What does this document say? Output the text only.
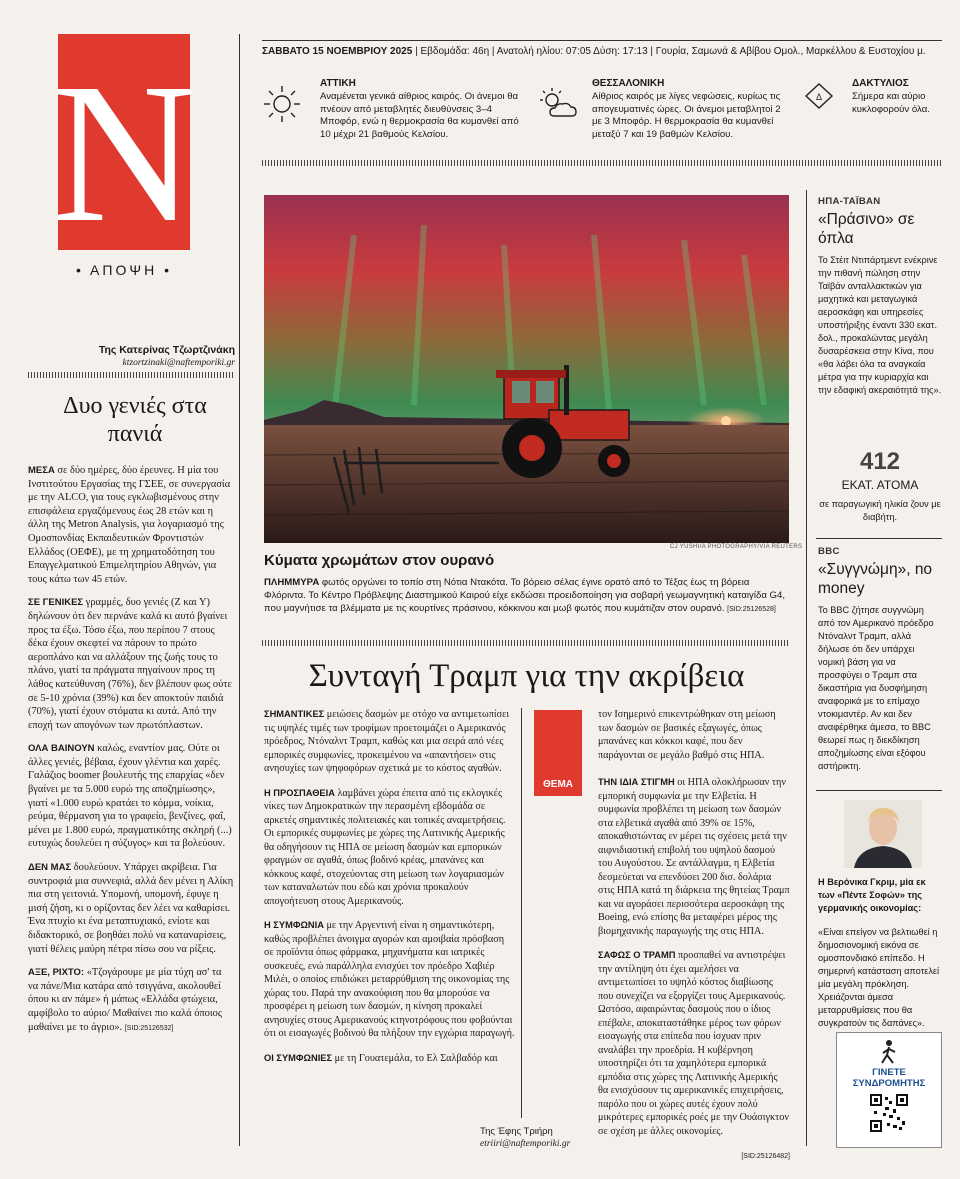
N
• ΑΠΟΨΗ •
Της Κατερίνας Τζωρτζινάκη
ktzortzinaki@naftemporiki.gr
Δυο γενιές στα πανιά

ΜΕΣΑ σε δύο ημέρες, δύο έρευνες. Η μία του Ινστιτούτου Εργασίας της ΓΣΕΕ, σε συνεργασία με την ALCO, για τους εγκλωβισμένους στην επισφάλεια εργαζόμενους έως 28 ετών και η άλλη της Metron Analysis, για λογαριασμό της Ομοσπονδίας Εκπαιδευτικών Φροντιστών Ελλάδος (ΟΕΦΕ), με τη χρηματοδότηση του Επαγγελματικού Επιμελητηρίου Αθηνών, για τους κάτω των 45 ετών.

ΣΕ ΓΕΝΙΚΕΣ γραμμές, δυο γενιές (Ζ και Υ) δηλώνουν ότι δεν περνάνε καλά κι αυτό βγαίνει προς τα έξω. Τόσο έξω, που περίπου 7 στους δέκα έχουν σκεφτεί να πάρουν το πρώτο αεροπλάνο και να αλλάξουν της ζωής τους το πλάνο, γιατί τα πράγματα πηγαίνουν προς τη λάθος κατεύθυνση (76%), δεν βλέπουν φως ούτε σε 5-10 χρόνια (39%) και δεν αποκτούν παιδιά (70%), γιατί έχουν στόματα κι αυτά. Από την εποχή των απογόνων των πρωτόπλαστων.

ΟΛΑ ΒΑΙΝΟΥΝ καλώς, εναντίον μας. Ούτε οι άλλες γενιές, βέβαια, έχουν γλέντια και χαρές. Γαλάζιος boomer βουλευτής της επαρχίας «δεν βγαίνει με τα 5.000 ευρώ της αποζημίωσης», γιατί «1.000 ευρώ κρατάει το κόμμα, νοίκια, ρεύμα, θέρμανση για το γραφείο, βενζίνες, φαΐ, μένει με 1.800 ευρώ, πραγματικότης σκληρή (...) ευτυχώς δουλεύει η σύζυγος» και τα βολεύουν.

ΔΕΝ ΜΑΣ δουλεύουν. Υπάρχει ακρίβεια. Για συντροφιά μια συννεφιά, αλλά δεν μένει η Αλίκη πια στη γειτονιά. Υπομονή, υπομονή, έφυγε η μισή ζήση, κι ο ορίζοντας δεν λέει να καθαρίσει. Ένα πτυχίο κι ένα μεταπτυχιακό, ενίοτε και διδακτορικό, σε βοηθάει πολύ να καταναρίσεις, γιατί θέλεις μαύρη πέτρα πίσω σου να ρίξεις.

ΑΞΕ, ΡΙΧΤΟ: «Τζογάρουμε με μία τύχη ασ' τα να πάνε/Μια κατάρα από τσιγγάνα, ακολουθεί όπου κι αν πάμε» ή μάπως «Ελλάδα φτώχεια, αμφίβολο το αύριο/ Μαθαίνει πιο καλά όποιος μαθαίνει με το άγριο». [SID:25126532]

ΣΑΒΒΑΤΟ 15 ΝΟΕΜΒΡΙΟΥ 2025 | Εβδομάδα: 46η | Ανατολή ηλίου: 07:05 Δύση: 17:13 | Γουρία, Σαμωνά & Αβίβου Ομολ., Μαρκέλλου & Ευστοχίου μ.
ΑΤΤΙΚΗ
Αναμένεται γενικά αίθριος καιρός. Οι άνεμοι θα πνέουν από μεταβλητές διευθύνσεις 3–4 Μποφόρ, ενώ η θερμοκρασία θα κυμανθεί από 10 μέχρι 21 βαθμούς Κελσίου.
ΘΕΣΣΑΛΟΝΙΚΗ
Αίθριος καιρός με λίγες νεφώσεις, κυρίως τις απογευματινές ώρες. Οι άνεμοι μεταβλητοί 2 με 3 Μποφόρ. Η θερμοκρασία θα κυμανθεί μεταξύ 7 και 19 βαθμών Κελσίου.
Δ
ΔΑΚΤΥΛΙΟΣ
Σήμερα και αύριο κυκλοφορούν όλα.
CJ YUSHI/A PHOTOGRAPHY/VIA REUTERS
Κύματα χρωμάτων στον ουρανό
ΠΛΗΜΜΥΡΑ φωτός οργώνει το τοπίο στη Νότια Ντακότα. Το βόρειο σέλας έγινε ορατό από το Τέξας έως τη βόρεια Φλόριντα. Το Κέντρο Πρόβλεψης Διαστημικού Καιρού είχε εκδώσει προειδοποίηση για σοβαρή γεωμαγνητική καταιγίδα G4, που μαγνήτισε τα βλέμματα με τις κουρτίνες πράσινου, κόκκινου και μωβ φωτός που κυμάτιζαν στον ουρανό. [SID:25126528]
Συνταγή Τραμπ για την ακρίβεια

ΣΗΜΑΝΤΙΚΕΣ μειώσεις δασμών με στόχο να αντιμετωπίσει τις υψηλές τιμές των τροφίμων προετοιμάζει ο Αμερικανός πρόεδρος, Ντόναλντ Τραμπ, καθώς και μια σειρά από νέες εμπορικές συμφωνίες, προκειμένου να «απαντήσει» στις ανησυχίες των ψηφοφόρων σχετικά με το κόστος αγαθών.

Η ΠΡΟΣΠΑΘΕΙΑ λαμβάνει χώρα έπειτα από τις εκλογικές νίκες των Δημοκρατικών την περασμένη εβδομάδα σε αρκετές σημαντικές πολιτειακές και τοπικές αναμετρήσεις. Οι εμπορικές συμφωνίες με χώρες της Λατινικής Αμερικής θα οδηγήσουν τις ΗΠΑ σε μείωση δασμών και εμπορικών φραγμών σε αγαθά, όπως βοδινό κρέας, μπανάνες και κόκκους καφέ, στοχεύοντας στη μείωση των λογαριασμών των καταναλωτών που εδώ και χρόνια προκαλούν απογοήτευση στους Αμερικανούς.

Η ΣΥΜΦΩΝΙΑ με την Αργεντινή είναι η σημαντικότερη, καθώς προβλέπει άνοιγμα αγορών και αμοιβαία πρόσβαση σε προϊόντα όπως φάρμακα, μηχανήματα και ιατρικές συσκευές, ενώ παράλληλα ενισχύει τον πρόεδρο Χαβιέρ Μιλέι, ο οποίος επιδιώκει μεταρρύθμιση της οικονομίας της χώρας του. Παρά την ανακούφιση που θα μπορούσε να προσφέρει η μείωση των δασμών, η κίνηση προκαλεί ανησυχίες στους Αμερικανούς κτηνοτρόφους που φοβούνται ότι οι εισαγωγές βοδινού θα πλήξουν την εγχώρια παραγωγή.

ΟΙ ΣΥΜΦΩΝΙΕΣ με τη Γουατεμάλα, το Ελ Σαλβαδόρ και

ΘΕΜΑ

τον Ισημερινό επικεντρώθηκαν στη μείωση των δασμών σε βασικές εξαγωγές, όπως μπανάνες και κόκκοι καφέ, που δεν παράγονται σε μεγάλο βαθμό στις ΗΠΑ.

ΤΗΝ ΙΔΙΑ ΣΤΙΓΜΗ οι ΗΠΑ ολοκλήρωσαν την εμπορική συμφωνία με την Ελβετία. Η συμφωνία προβλέπει τη μείωση των δασμών στα ελβετικά αγαθά από 39% σε 15%, αποκαθιστώντας εν μέρει τις σχέσεις μετά την αιφνιδιαστική επιβολή του υψηλού δασμού του Αυγούστου. Σε αντάλλαγμα, η Ελβετία δεσμεύεται να επενδύσει 200 δισ. δολάρια στις ΗΠΑ κατά τη διάρκεια της θητείας Τραμπ και να αγοράσει περισσότερα αεροσκάφη της Boeing, ενώ επίσης θα μεταφέρει μέρος της βιομηχανικής παραγωγής της στις ΗΠΑ.

ΣΑΦΩΣ Ο ΤΡΑΜΠ προσπαθεί να αντιστρέψει την αντίληψη ότι έχει αμελήσει να αντιμετωπίσει το υψηλό κόστος διαβίωσης που συνεχίζει να εξοργίζει τους Αμερικανούς. Ωστόσο, αφαιρώντας δασμούς που ο ίδιος επέβαλε, αποκαταστάθηκε μέρος των φόρων εισαγωγής στα επίπεδα που ίσχυαν πριν αναλάβει την προεδρία. Η κυβέρνηση υποστηρίζει ότι τα χαμηλότερα εμπορικά εμπόδια στις χώρες της Λατινικής Αμερικής θα ενισχύσουν τις αμερικανικές επιχειρήσεις, παρόλο που οι χώρες αυτές έχουν πολύ μικρότερες εμπορικές ροές με την Ουάσιγκτον σε σχέση με άλλες οικονομίες.

[SID:25126482]

Της Έφης Τριήρη
etriiri@naftemporiki.gr
ΗΠΑ-ΤΑΪΒΑΝ
«Πράσινο» σε όπλα
Το Στέιτ Ντιπάρτμεντ ενέκρινε την πιθανή πώληση στην Ταϊβάν ανταλλακτικών για μαχητικά και μεταγωγικά αεροσκάφη και υπηρεσίες υποστήριξης έναντι 330 εκατ. δολ., προκαλώντας μεγάλη δυσαρέσκεια στην Κίνα, που «θα λάβει όλα τα αναγκαία μέτρα για την κυριαρχία και την εδαφική ακεραιότητά της».
412
ΕΚΑΤ. ΑΤΟΜΑ
σε παραγωγική ηλικία ζουν με διαβήτη.
BBC
«Συγγνώμη», no money
Το BBC ζήτησε συγγνώμη από τον Αμερικανό πρόεδρο Ντόναλντ Τραμπ, αλλά δήλωσε ότι δεν υπάρχει νομική βάση για να προσφύγει ο Τραμπ στα δικαστήρια για δυσφήμηση αναφορικά με το επίμαχο ντοκιμαντέρ. Αν και δεν αναφέρθηκε άμεσα, το BBC θεωρεί πως η διεκδίκηση αποζημίωσης είναι εξόφου αστήρικτη.
Η Βερόνικα Γκριμ, μία εκ των «Πέντε Σοφών» της γερμανικής οικονομίας:
«Είναι επείγον να βελτιωθεί η δημοσιονομική εικόνα σε ομοσπονδιακό επίπεδο. Η σημερινή κατάσταση αποτελεί μία μεγάλη πρόκληση. Χρειάζονται άμεσα μεταρρυθμίσεις που θα συγκρατούν τις δαπάνες».
ΓΙΝΕΤΕ ΣΥΝΔΡΟΜΗΤΗΣ
